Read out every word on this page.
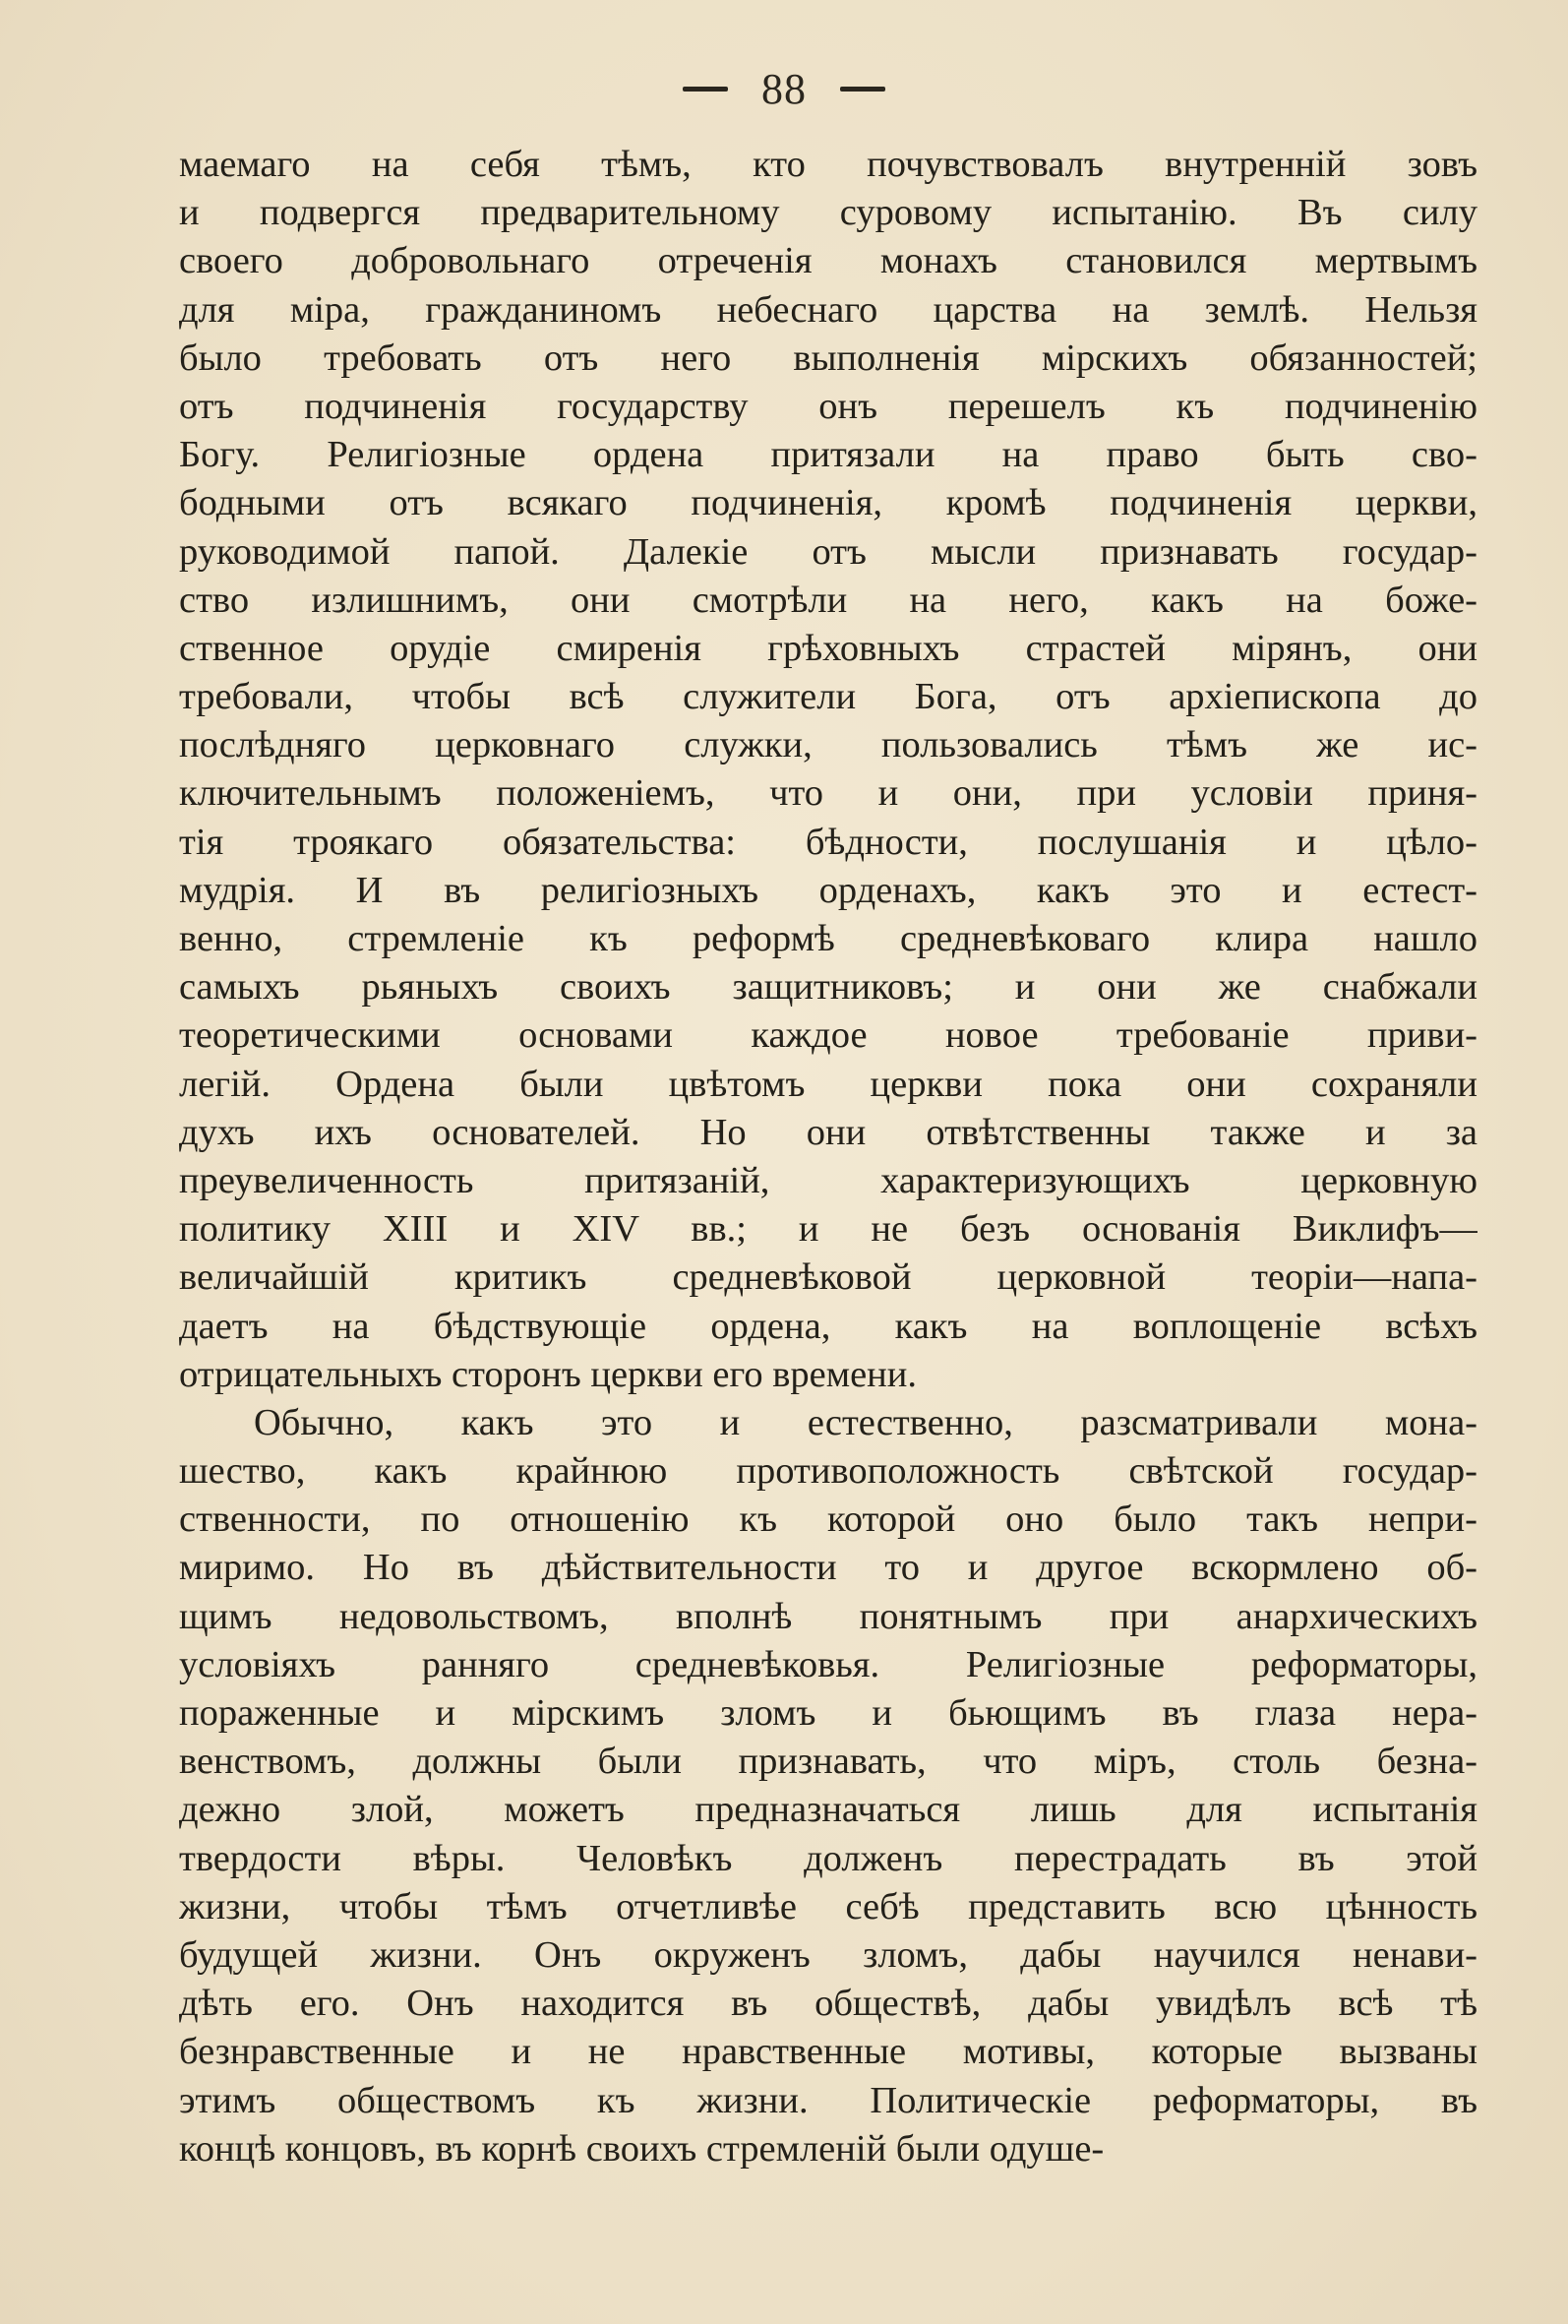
88
маемаго на себя тѣмъ, кто почувствовалъ внутренній зовъ
и подвергся предварительному суровому испытанію. Въ силу
своего добровольнаго отреченія монахъ становился мертвымъ
для міра, гражданиномъ небеснаго царства на землѣ. Нельзя
было требовать отъ него выполненія мірскихъ обязанностей;
отъ подчиненія государству онъ перешелъ къ подчиненію
Богу. Религіозные ордена притязали на право быть сво-
бодными отъ всякаго подчиненія, кромѣ подчиненія церкви,
руководимой папой. Далекіе отъ мысли признавать государ-
ство излишнимъ, они смотрѣли на него, какъ на боже-
ственное орудіе смиренія грѣховныхъ страстей мірянъ, они
требовали, чтобы всѣ служители Бога, отъ архіепископа до
послѣдняго церковнаго служки, пользовались тѣмъ же ис-
ключительнымъ положеніемъ, что и они, при условіи приня-
тія троякаго обязательства: бѣдности, послушанія и цѣло-
мудрія. И въ религіозныхъ орденахъ, какъ это и естест-
венно, стремленіе къ реформѣ средневѣковаго клира нашло
самыхъ рьяныхъ своихъ защитниковъ; и они же снабжали
теоретическими основами каждое новое требованіе приви-
легій. Ордена были цвѣтомъ церкви пока они сохраняли
духъ ихъ основателей. Но они отвѣтственны также и за
преувеличенность притязаній, характеризующихъ церковную
политику XIII и XIV вв.; и не безъ основанія Виклифъ—
величайшій критикъ средневѣковой церковной теоріи—напа-
даетъ на бѣдствующіе ордена, какъ на воплощеніе всѣхъ
отрицательныхъ сторонъ церкви его времени.
Обычно, какъ это и естественно, разсматривали мона-
шество, какъ крайнюю противоположность свѣтской государ-
ственности, по отношенію къ которой оно было такъ непри-
миримо. Но въ дѣйствительности то и другое вскормлено об-
щимъ недовольствомъ, вполнѣ понятнымъ при анархическихъ
условіяхъ ранняго средневѣковья. Религіозные реформаторы,
пораженные и мірскимъ зломъ и бьющимъ въ глаза нера-
венствомъ, должны были признавать, что міръ, столь безна-
дежно злой, можетъ предназначаться лишь для испытанія
твердости вѣры. Человѣкъ долженъ перестрадать въ этой
жизни, чтобы тѣмъ отчетливѣе себѣ представить всю цѣнность
будущей жизни. Онъ окруженъ зломъ, дабы научился ненави-
дѣть его. Онъ находится въ обществѣ, дабы увидѣлъ всѣ тѣ
безнравственные и не нравственные мотивы, которые вызваны
этимъ обществомъ къ жизни. Политическіе реформаторы, въ
концѣ концовъ, въ корнѣ своихъ стремленій были одуше-
